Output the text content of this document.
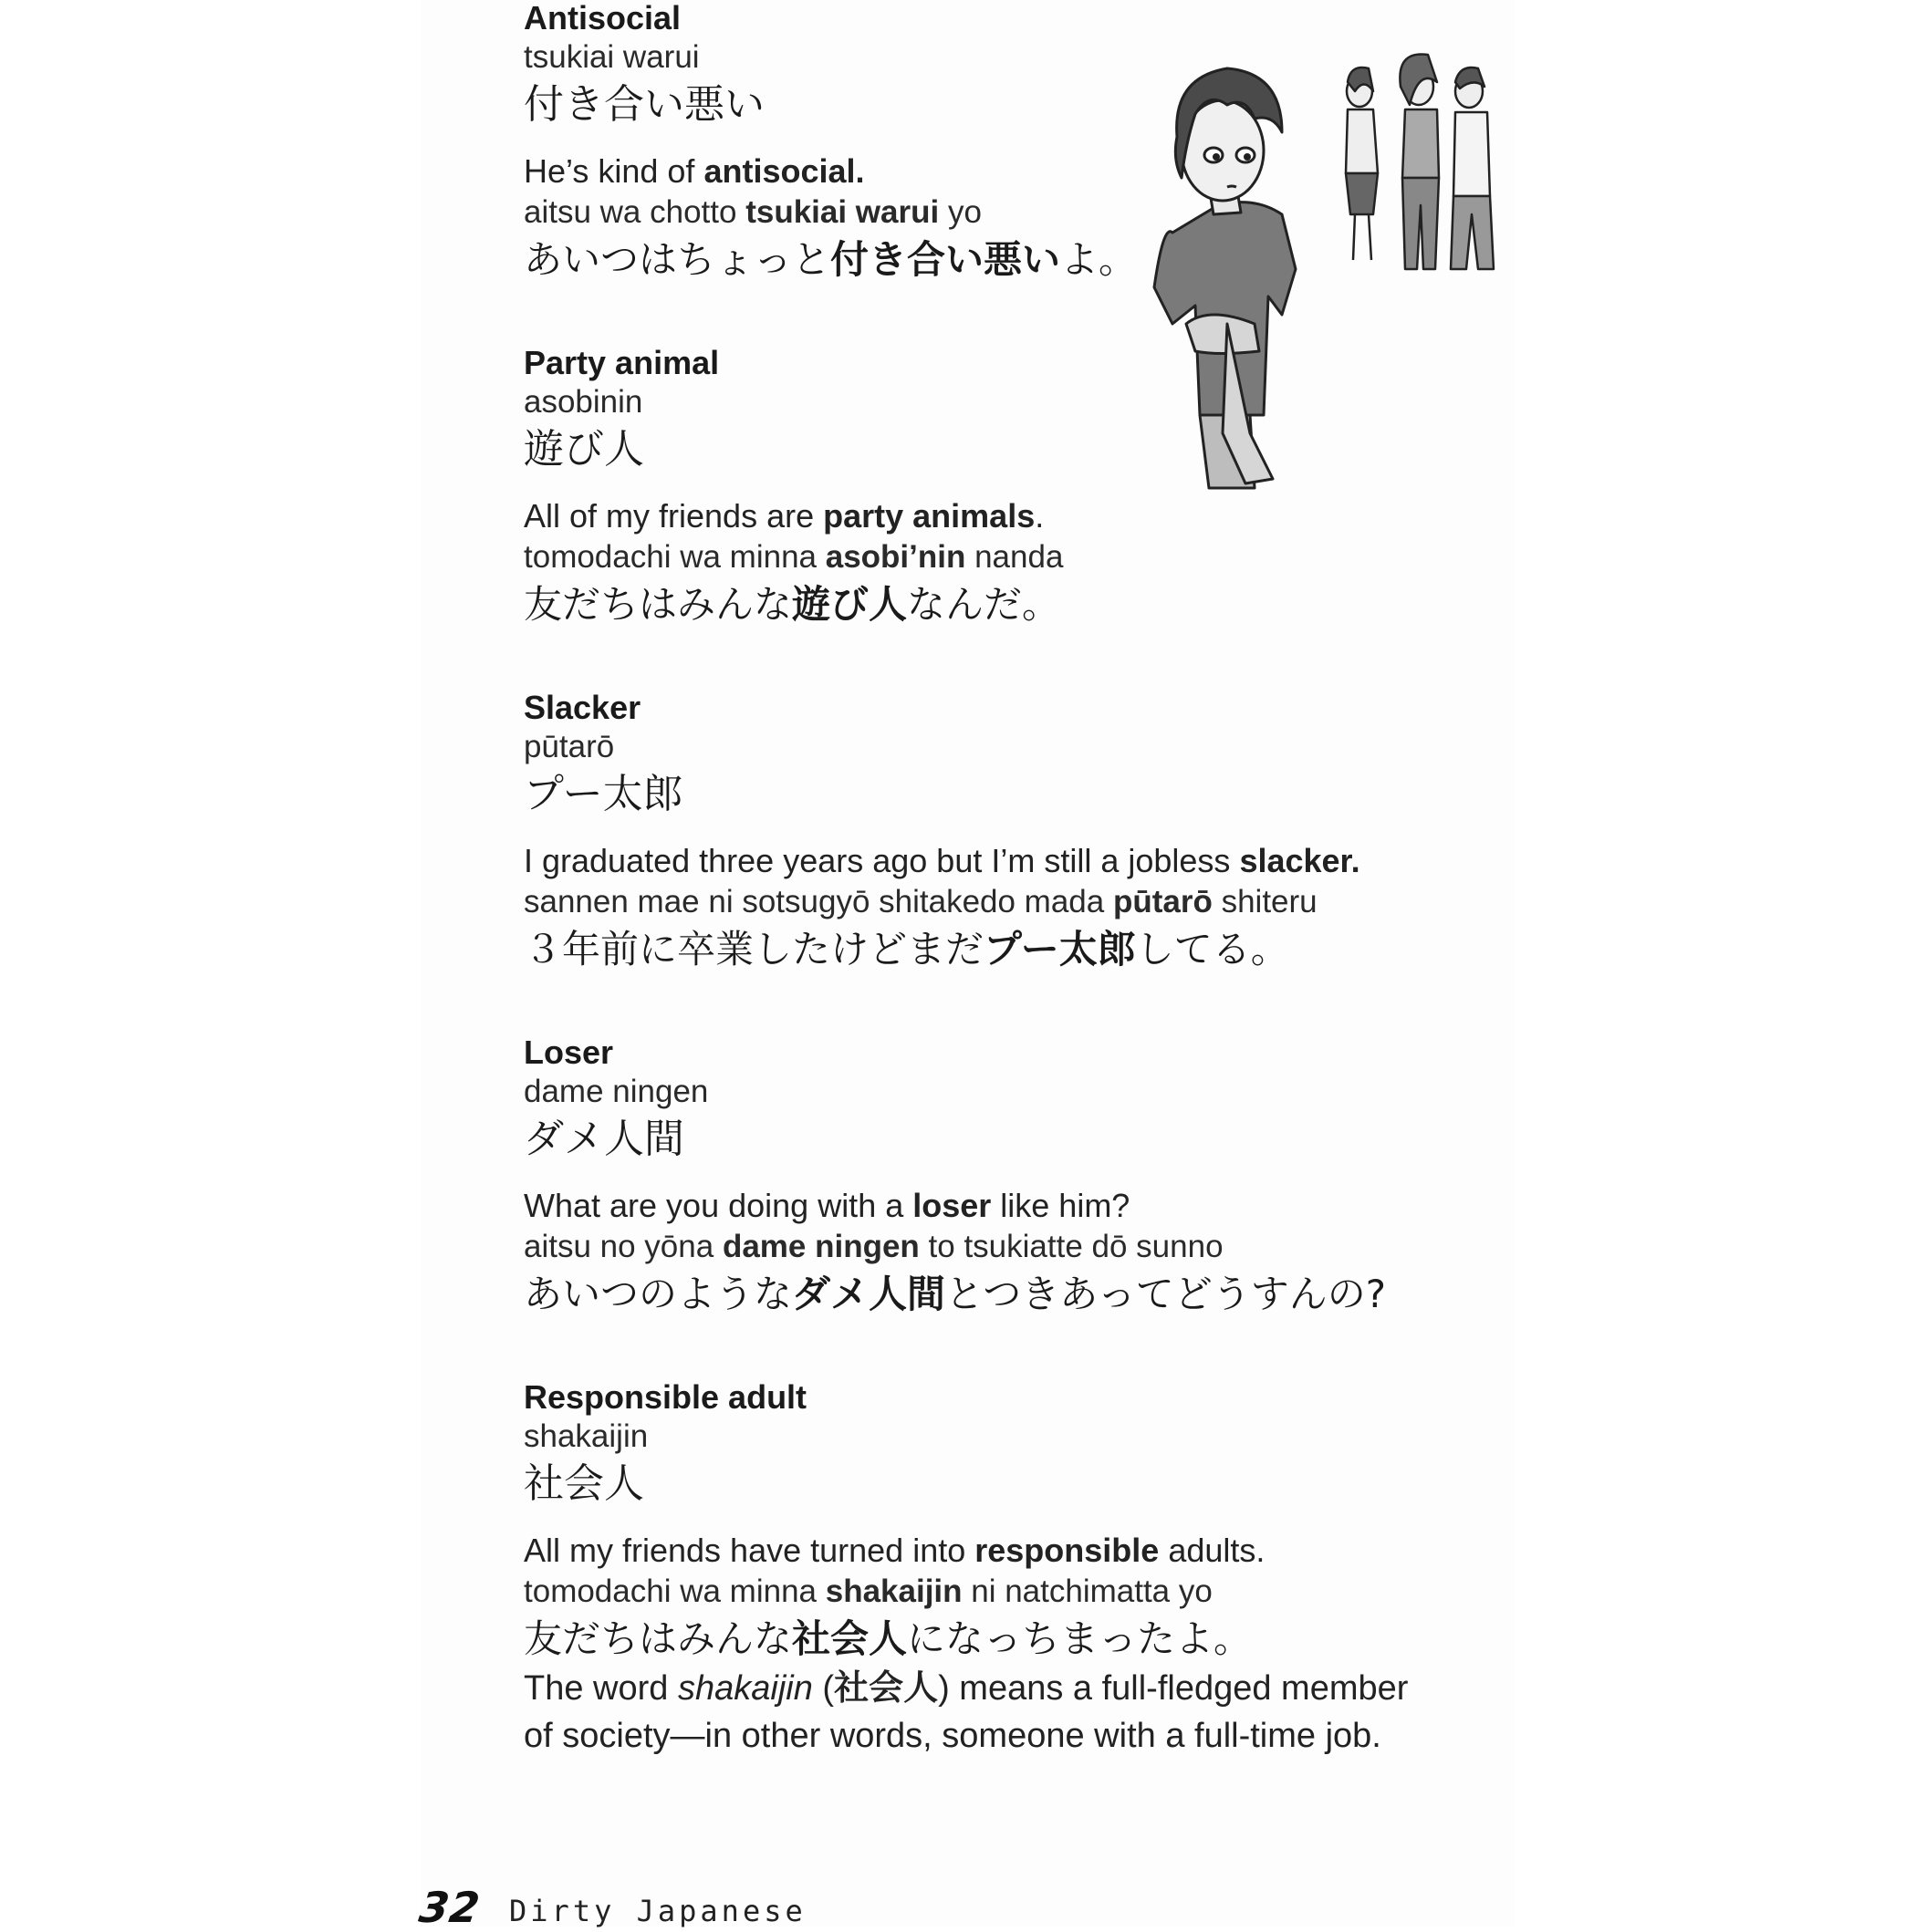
Antisocial

tsukiai warui

付き合い悪い

He’s kind of antisocial.
aitsu wa chotto tsukiai warui yo
あいつはちょっと付き合い悪いよ。

Party animal

asobinin

遊び人

All of my friends are party animals.
tomodachi wa minna asobi’nin nanda
友だちはみんな遊び人なんだ。

Slacker

pūtarō

プー太郎

I graduated three years ago but I’m still a jobless slacker.
sannen mae ni sotsugyō shitakedo mada pūtarō shiteru
３年前に卒業したけどまだプー太郎してる。

Loser

dame ningen

ダメ人間

What are you doing with a loser like him?
aitsu no yōna dame ningen to tsukiatte dō sunno
あいつのようなダメ人間とつきあってどうすんの?

Responsible adult

shakaijin

社会人

All my friends have turned into responsible adults.
tomodachi wa minna shakaijin ni natchimatta yo
友だちはみんな社会人になっちまったよ。
The word shakaijin (社会人) means a full-fledged member of society—in other words, someone with a full-time job.
32 Dirty Japanese
